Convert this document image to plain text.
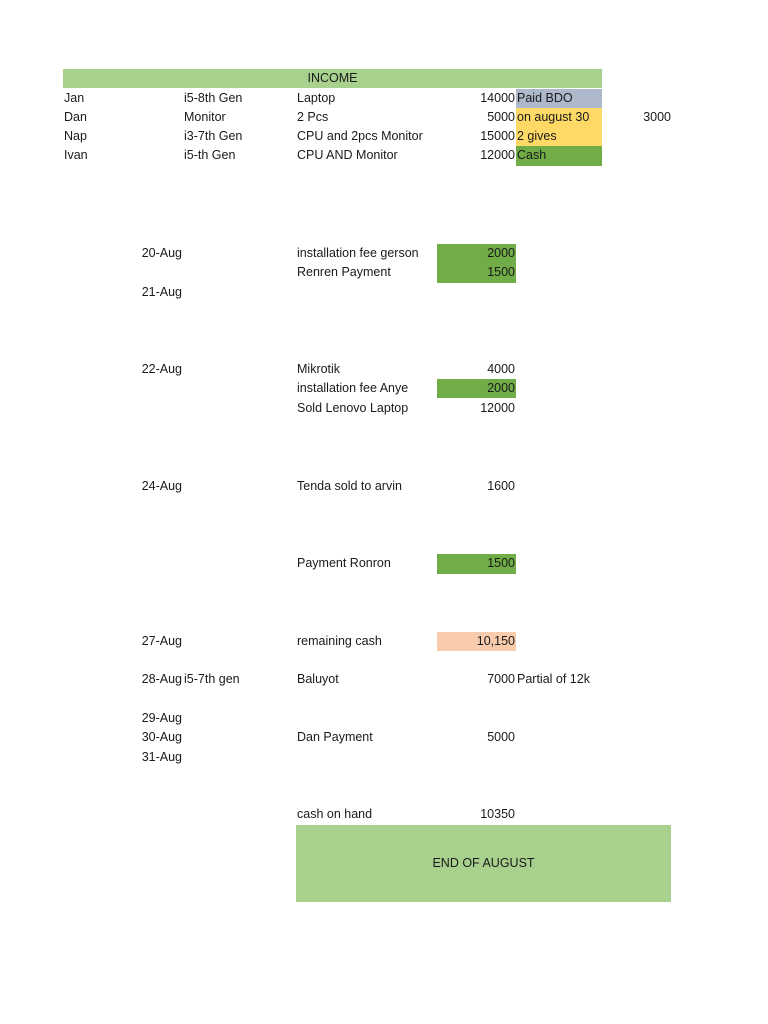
INCOME
Jan	i5-8th Gen	Laptop	14000 Paid BDO
Dan	Monitor	2 Pcs	5000 on august 30	3000
Nap	i3-7th Gen	CPU and 2pcs Monitor	15000 2 gives
Ivan	i5-th Gen	CPU AND Monitor	12000 Cash
20-Aug	installation fee gerson	2000
Renren Payment	1500
21-Aug
22-Aug	Mikrotik	4000
installation fee Anye	2000
Sold Lenovo Laptop	12000
24-Aug	Tenda sold to arvin	1600
Payment Ronron	1500
27-Aug	remaining cash	10,150
28-Aug i5-7th gen	Baluyot	7000 Partial of 12k
29-Aug
30-Aug	Dan Payment	5000
31-Aug
cash on hand	10350
END OF AUGUST
